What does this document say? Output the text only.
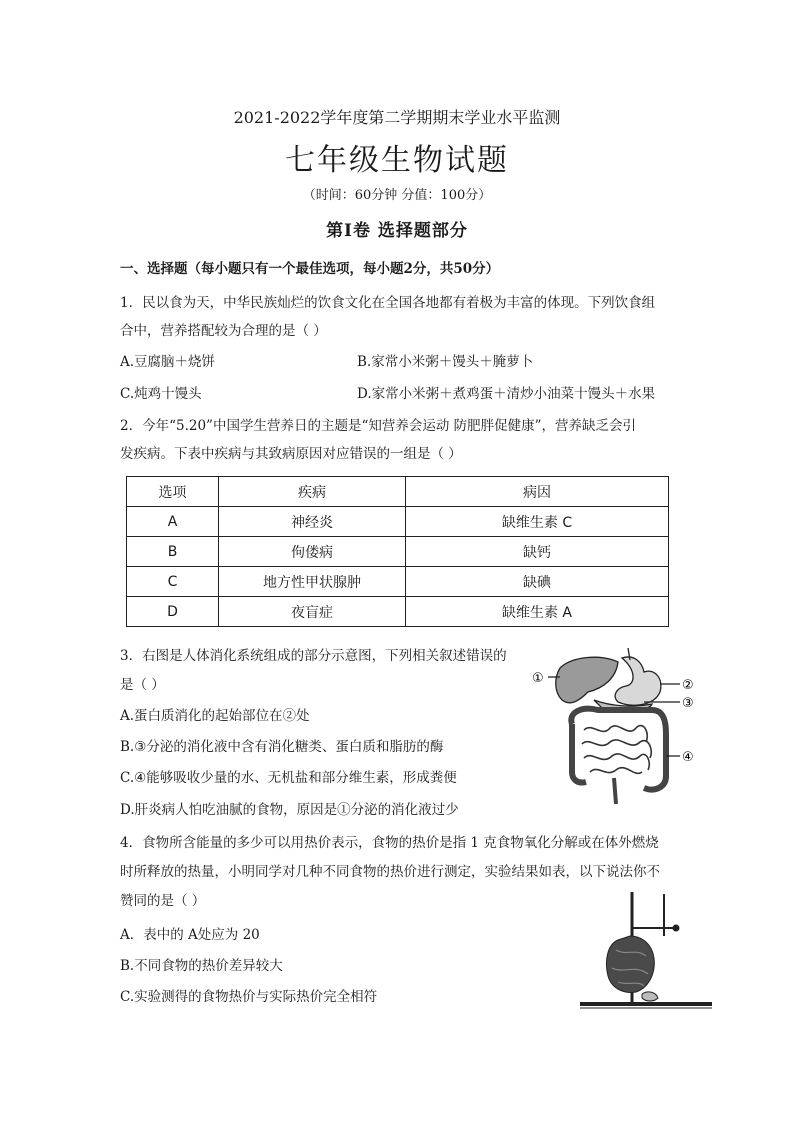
2021-2022学年度第二学期期末学业水平监测
七年级生物试题
（时间：60分钟 分值：100分）
第Ⅰ卷 选择题部分
一、选择题（每小题只有一个最佳选项，每小题2分，共50分）
1．民以食为天，中华民族灿烂的饮食文化在全国各地都有着极为丰富的体现。下列饮食组
合中，营养搭配较为合理的是（ ）
A.豆腐脑＋烧饼	B.家常小米粥＋馒头＋腌萝卜
C.炖鸡十馒头	D.家常小米粥＋煮鸡蛋＋清炒小油菜十馒头＋水果
2．今年“5.20”中国学生营养日的主题是“知营养会运动 防肥胖促健康”，营养缺乏会引
发疾病。下表中疾病与其致病原因对应错误的一组是（ ）
选项	疾病	病因
A	神经炎	缺维生素 C
B	佝偻病	缺钙
C	地方性甲状腺肿	缺碘
D	夜盲症	缺维生素 A
3．右图是人体消化系统组成的部分示意图，下列相关叙述错误的
是（ ）
A.蛋白质消化的起始部位在②处
B.③分泌的消化液中含有消化糖类、蛋白质和脂肪的酶
C.④能够吸收少量的水、无机盐和部分维生素，形成粪便
D.肝炎病人怕吃油腻的食物，原因是①分泌的消化液过少
①	②
③
④
4．食物所含能量的多少可以用热价表示，食物的热价是指 1 克食物氧化分解或在体外燃烧
时所释放的热量，小明同学对几种不同食物的热价进行测定，实验结果如表，以下说法你不
赞同的是（ ）
A．表中的 A处应为 20
B.不同食物的热价差异较大
C.实验测得的食物热价与实际热价完全相符
